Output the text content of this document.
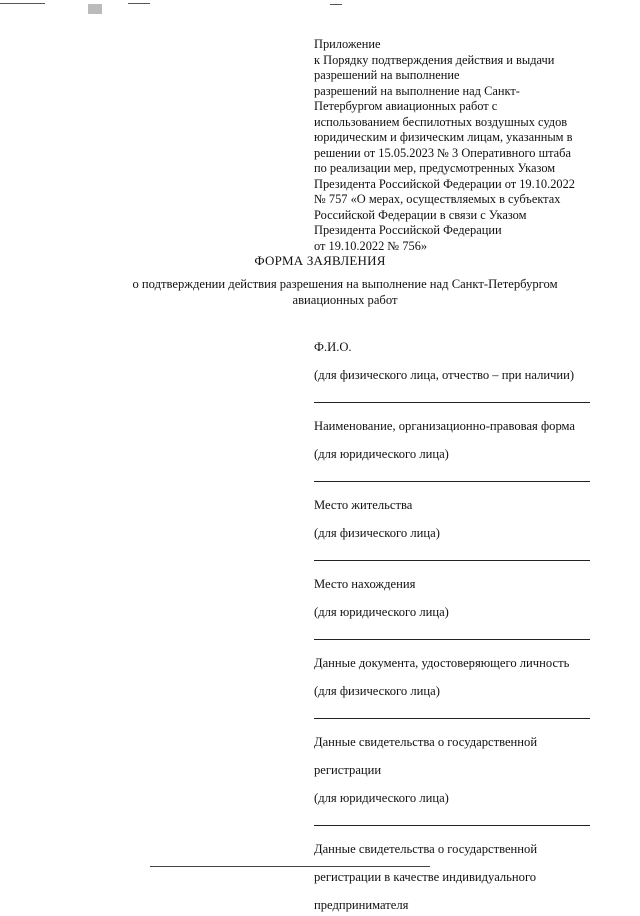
Приложение
к Порядку подтверждения действия и выдачи
разрешений на выполнение
разрешений на выполнение над Санкт-
Петербургом авиационных работ с
использованием беспилотных воздушных судов
юридическим и физическим лицам, указанным в
решении от 15.05.2023 № 3 Оперативного штаба
по реализации мер, предусмотренных Указом
Президента Российской Федерации от 19.10.2022
№ 757 «О мерах, осуществляемых в субъектах
Российской Федерации в связи с Указом
Президента Российской Федерации
от 19.10.2022 № 756»
ФОРМА ЗАЯВЛЕНИЯ
о подтверждении действия разрешения на выполнение над Санкт-Петербургом
авиационных работ
Ф.И.О.
(для физического лица, отчество – при наличии)
Наименование, организационно-правовая форма
(для юридического лица)
Место жительства
(для физического лица)
Место нахождения
(для юридического лица)
Данные документа, удостоверяющего личность
(для физического лица)
Данные свидетельства о государственной
регистрации
(для юридического лица)
Данные свидетельства о государственной
регистрации в качестве индивидуального
предпринимателя
